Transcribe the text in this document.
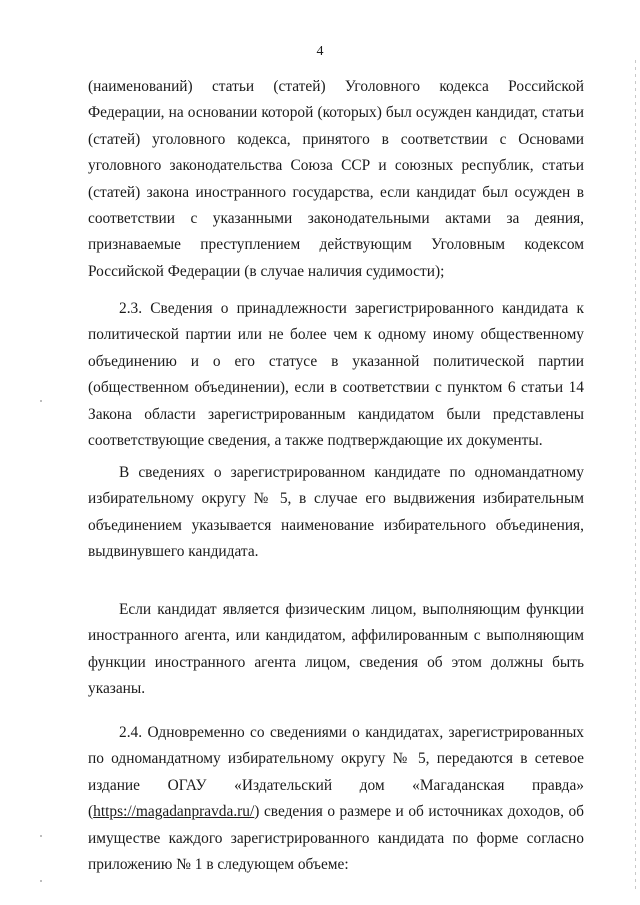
4

(наименований) статьи (статей) Уголовного кодекса Российской Федерации, на основании которой (которых) был осужден кандидат, статьи (статей) уголовного кодекса, принятого в соответствии с Основами уголовного законодательства Союза ССР и союзных республик, статьи (статей) закона иностранного государства, если кандидат был осужден в соответствии с указанными законодательными актами за деяния, признаваемые преступлением действующим Уголовным кодексом Российской Федерации (в случае наличия судимости);

2.3. Сведения о принадлежности зарегистрированного кандидата к политической партии или не более чем к одному иному общественному объединению и о его статусе в указанной политической партии (общественном объединении), если в соответствии с пунктом 6 статьи 14 Закона области зарегистрированным кандидатом были представлены соответствующие сведения, а также подтверждающие их документы.

В сведениях о зарегистрированном кандидате по одномандатному избирательному округу № 5, в случае его выдвижения избирательным объединением указывается наименование избирательного объединения, выдвинувшего кандидата.

Если кандидат является физическим лицом, выполняющим функции иностранного агента, или кандидатом, аффилированным с выполняющим функции иностранного агента лицом, сведения об этом должны быть указаны.

2.4. Одновременно со сведениями о кандидатах, зарегистрированных по одномандатному избирательному округу № 5, передаются в сетевое издание ОГАУ «Издательский дом «Магаданская правда» (https://magadanpravda.ru/) сведения о размере и об источниках доходов, об имуществе каждого зарегистрированного кандидата по форме согласно приложению № 1 в следующем объеме:
